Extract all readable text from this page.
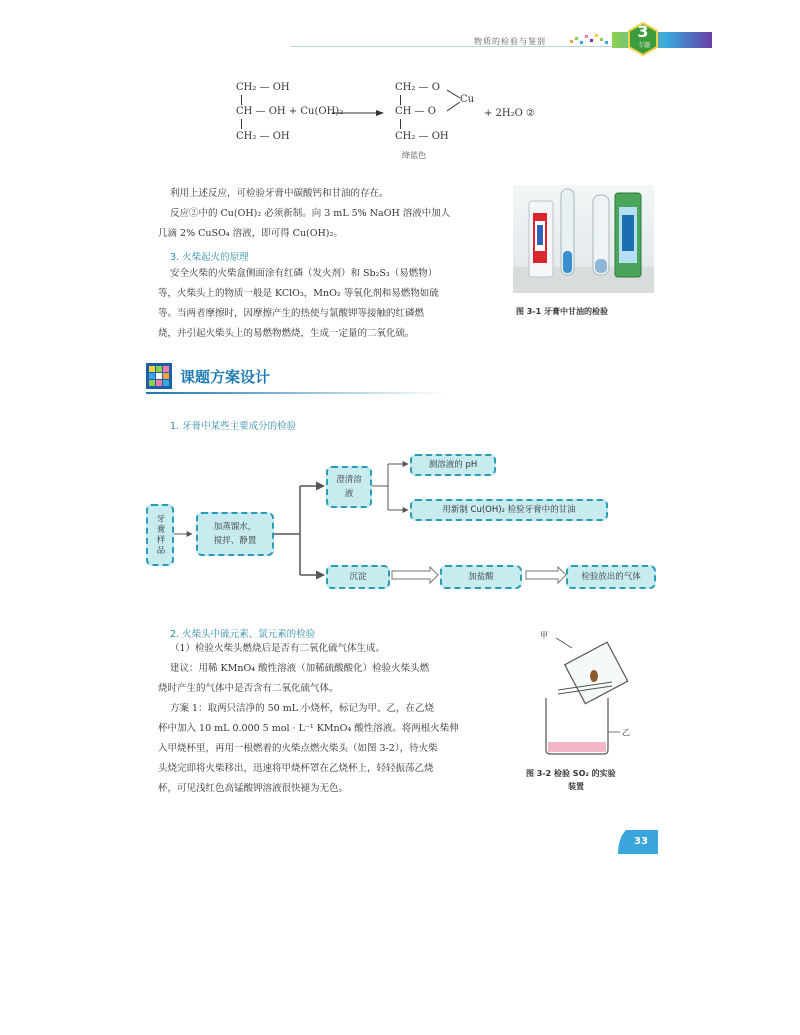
物质的检验与鉴别
3
专题
CH₂ — OH
CH — OH + Cu(OH)₂
CH₂ — OH
CH₂ — O
CH — O
CH₂ — OH
Cu
+ 2H₂O ②
绛蓝色
利用上述反应，可检验牙膏中碳酸钙和甘油的存在。
反应②中的 Cu(OH)₂ 必须新制。向 3 mL 5% NaOH 溶液中加人
几滴 2% CuSO₄ 溶液，即可得 Cu(OH)₂。
3. 火柴起火的原理
安全火柴的火柴盒侧面涂有红磷（发火剂）和 Sb₂S₃（易燃物）
等，火柴头上的物质一般是 KClO₃，MnO₂ 等氧化剂和易燃物如硫
等。当两者摩擦时，因摩擦产生的热使与氯酸钾等接触的红磷燃
烧，并引起火柴头上的易燃物燃烧，生成一定量的二氧化硫。
图 3-1 牙膏中甘油的检验
课题方案设计
1. 牙膏中某些主要成分的检验
牙膏样品	加蒸馏水，
搅拌、静置
澄清溶液
测溶液的 pH
用新制 Cu(OH)₂ 检验牙膏中的甘油
沉淀	加盐酸	检验放出的气体
2. 火柴头中硫元素、氯元素的检验
（1）检验火柴头燃烧后是否有二氧化硫气体生成。
建议：用稀 KMnO₄ 酸性溶液（加稀硫酸酸化）检验火柴头燃
烧时产生的气体中是否含有二氧化硫气体。
方案 1：取两只洁净的 50 mL 小烧杯，标记为甲、乙，在乙烧
杯中加入 10 mL 0.000 5 mol · L⁻¹ KMnO₄ 酸性溶液。将两根火柴伸
入甲烧杯里，再用一根燃着的火柴点燃火柴头（如图 3-2），待火柴
头烧完即将火柴移出，迅速将甲烧杯罩在乙烧杯上，轻轻振荡乙烧
杯，可见浅红色高锰酸钾溶液很快褪为无色。
甲
乙
图 3-2 检验 SO₂ 的实验
装置
33
